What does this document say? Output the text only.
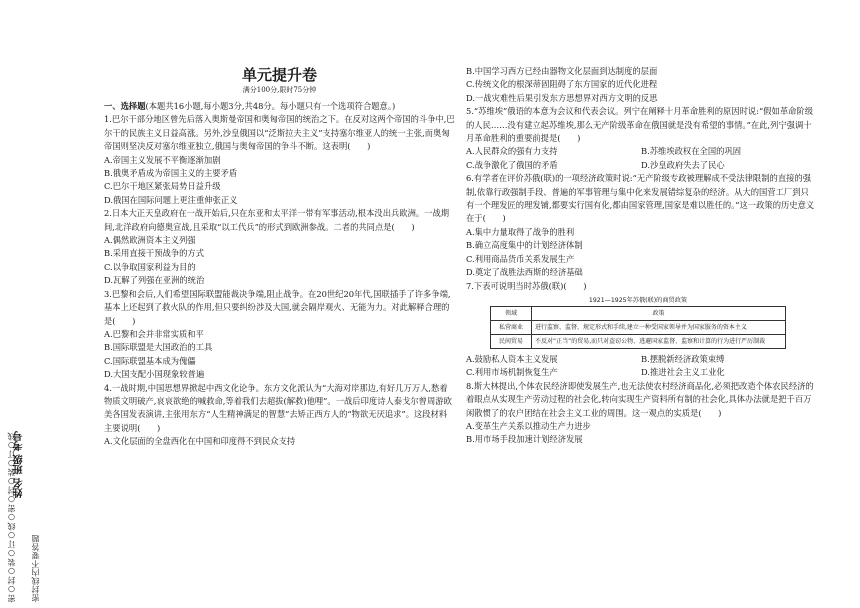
姓名 班级 考号
密○封○装○订○线○密○封○装○订○线 密封线内不要答题
单元提升卷
满分100分,限时75分钟

一、选择题(本题共16小题,每小题3分,共48分。每小题只有一个选项符合题意。)

1.巴尔干部分地区曾先后落入奥斯曼帝国和奥匈帝国的统治之下。在反对这两个帝国的斗争中,巴尔干的民族主义日益高涨。另外,沙皇俄国以“泛斯拉夫主义”支持塞尔维亚人的统一主张,而奥匈帝国则坚决反对塞尔维亚独立,俄国与奥匈帝国的争斗不断。这表明(　　)

A.帝国主义发展不平衡逐渐加剧

B.俄奥矛盾成为帝国主义的主要矛盾

C.巴尔干地区紧张局势日益升级

D.俄国在国际问题上更注重伸张正义

2.日本大正天皇政府在一战开始后,只在东亚和太平洋一带有军事活动,根本没出兵欧洲。一战期间,北洋政府向德奥宣战,且采取“以工代兵”的形式到欧洲参战。二者的共同点是(　　)

A.偶然欧洲资本主义列强

B.采用直接干预战争的方式

C.以争取国家利益为目的

D.瓦解了列强在亚洲的统治

3.巴黎和会后,人们希望国际联盟能裁决争端,阻止战争。在20世纪20年代,国联插手了许多争端,基本上还起到了救火队的作用,但只要纠纷涉及大国,就会隔岸观火、无能为力。对此解释合理的是(　　)

A.巴黎和会并非常实质和平

B.国际联盟是大国政治的工具

C.国际联盟基本成为傀儡

D.大国支配小国现象较普遍

4.一战时期,中国思想界掀起中西文化论争。东方文化派认为“大海对岸那边,有好几万万人,愁着物质文明破产,哀哀欲绝的喊救命,等着我们去超拔(解救)他哩”。一战后印度诗人泰戈尔曾周游欧美各国发表演讲,主张用东方“人生精神满足的智慧”去矫正西方人的“物欲无厌追求”。这段材料主要说明(　　)

A.文化层面的全盘西化在中国和印度得不到民众支持

B.中国学习西方已经由器物文化层面到达制度的层面

C.传统文化的根深蒂固阻碍了东方国家的近代化进程

D.一战灾难性后果引发东方思想界对西方文明的反思

5.“苏维埃”俄语的本意为会议和代表会议。列宁在阐释十月革命胜利的原因时说:“假如革命阶级的人民……没有建立起苏维埃,那么无产阶级革命在俄国就是没有希望的事情。”在此,列宁强调十月革命胜利的重要前提是(　　)

A.人民群众的强有力支持	B.苏维埃政权在全国的巩固
C.战争激化了俄国的矛盾	D.沙皇政府失去了民心

6.有学者在评价苏俄(联)的一项经济政策时说:“无产阶级专政被理解成不受法律限制的直接的强制,依靠行政强制手段、普遍的军事管理与集中化来发展错综复杂的经济。从大的国营工厂到只有一个理发匠的理发铺,都要实行国有化,都由国家管理,国家是难以胜任的。”这一政策的历史意义在于(　　)

A.集中力量取得了战争的胜利

B.确立高度集中的计划经济体制

C.利用商品货币关系发展生产

D.奠定了战胜法西斯的经济基础

7.下表可说明当时苏俄(联)(　　)

1921—1925年苏俄(联)的商贸政策
领域	政策
私营商业	进行监察、监督、规定形式和手续,建立一种受国家领导并为国家服务的资本主义
民间贸易	不反对“正当”的贸易,而只对盗窃公物、逃避国家监督、监察和计算的行为进行严厉制裁
A.鼓励私人资本主义发展	B.摆脱新经济政策束缚
C.利用市场机制恢复生产	D.推进社会主义工业化

8.斯大林提出,个体农民经济即使发展生产,也无法使农村经济商品化,必须把改造个体农民经济的着眼点从实现生产劳动过程的社会化,转向实现生产资料所有制的社会化,具体办法就是把千百万闲散惯了的农户团结在社会主义工业的周围。这一观点的实质是(　　)

A.变革生产关系以推动生产力进步

B.用市场手段加速计划经济发展
